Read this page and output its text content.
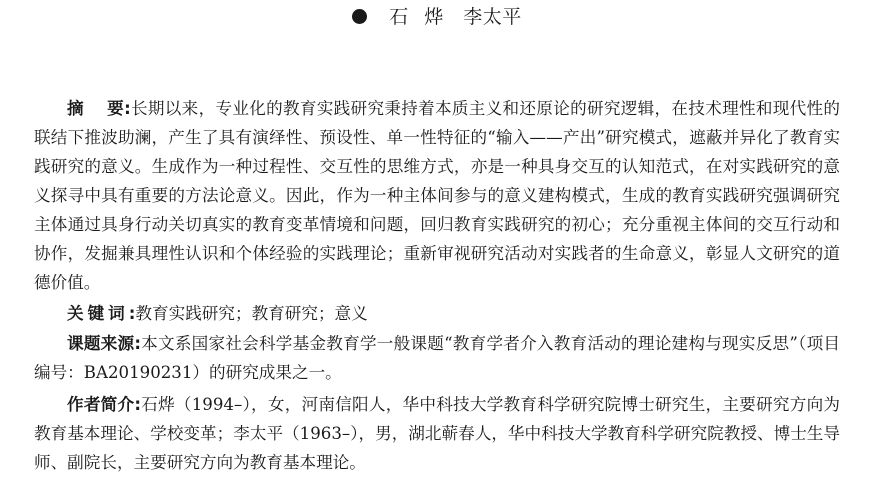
石烨 李太平

摘 要:长期以来，专业化的教育实践研究秉持着本质主义和还原论的研究逻辑，在技术理性和现代性的联结下推波助澜，产生了具有演绎性、预设性、单一性特征的“输入——产出”研究模式，遮蔽并异化了教育实践研究的意义。生成作为一种过程性、交互性的思维方式，亦是一种具身交互的认知范式，在对实践研究的意义探寻中具有重要的方法论意义。因此，作为一种主体间参与的意义建构模式，生成的教育实践研究强调研究主体通过具身行动关切真实的教育变革情境和问题，回归教育实践研究的初心；充分重视主体间的交互行动和协作，发掘兼具理性认识和个体经验的实践理论；重新审视研究活动对实践者的生命意义，彰显人文研究的道德价值。

关键词:教育实践研究；教育研究；意义

课题来源:本文系国家社会科学基金教育学一般课题“教育学者介入教育活动的理论建构与现实反思”（项目编号：BA20190231）的研究成果之一。

作者简介:石烨（1994–），女，河南信阳人，华中科技大学教育科学研究院博士研究生，主要研究方向为教育基本理论、学校变革；李太平（1963–），男，湖北蕲春人，华中科技大学教育科学研究院教授、博士生导师、副院长，主要研究方向为教育基本理论。
